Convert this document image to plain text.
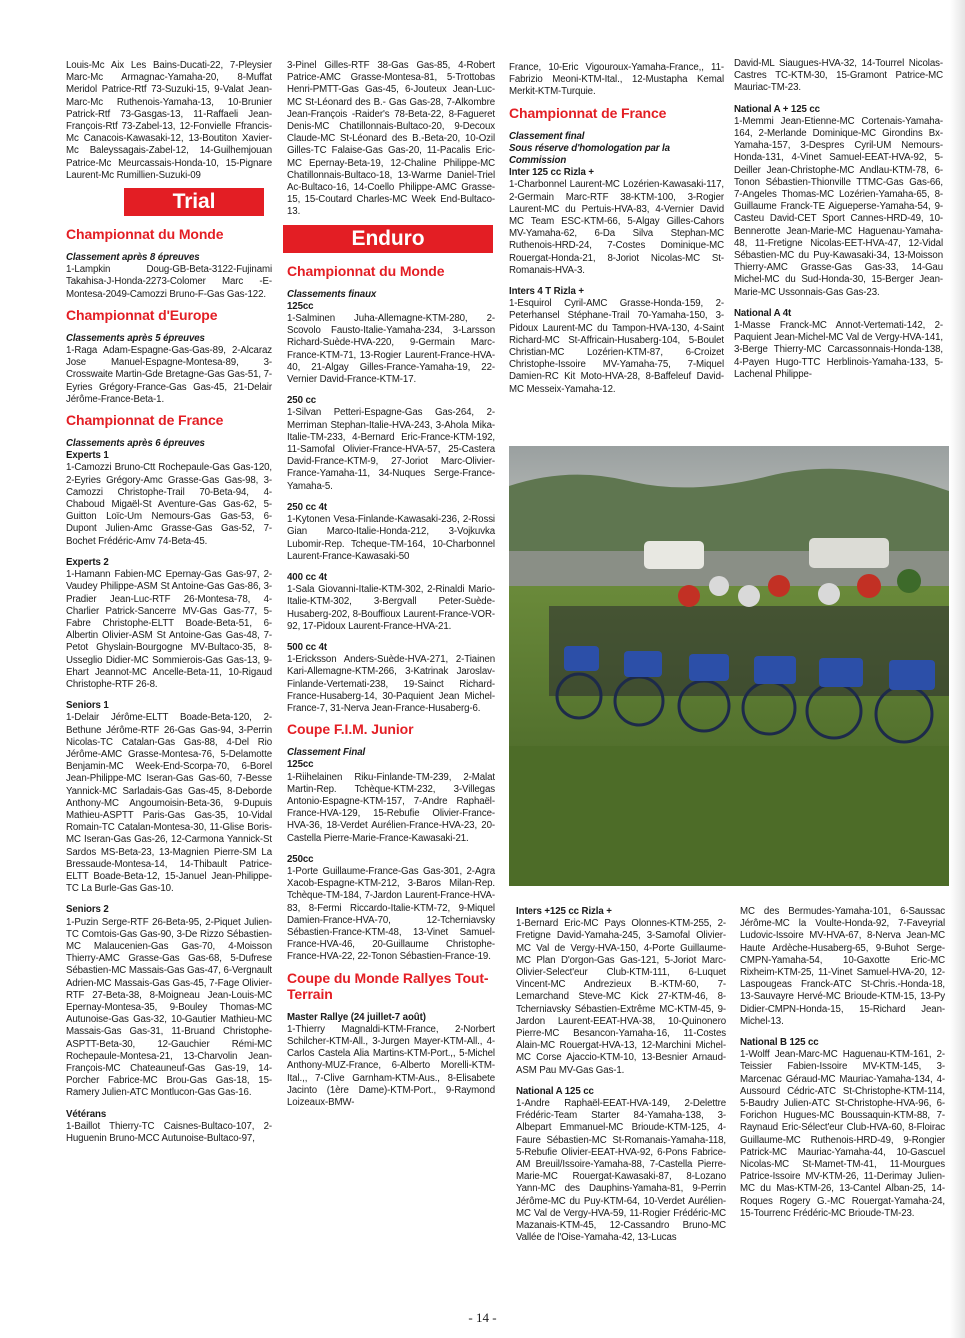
Louis-Mc Aix Les Bains-Ducati-22, 7-Pleysier Marc-Mc Armagnac-Yamaha-20, 8-Muffat Meridol Patrice-Rtf 73-Suzuki-15, 9-Valat Jean-Marc-Mc Ruthenois-Yamaha-13, 10-Brunier Patrick-Rtf 73-Gasgas-13, 11-Raffaeli Jean-François-Rtf 73-Zabel-13, 12-Fonvielle Ffrancis-Mc Canacois-Kawasaki-12, 13-Boutiton Xavier-Mc Baleyssagais-Zabel-12, 14-Guilhemjouan Patrice-Mc Meurcassais-Honda-10, 15-Pignare Laurent-Mc Rumillien-Suzuki-09

Trial
Championnat du Monde
Classement après 8 épreuves

1-Lampkin Doug-GB-Beta-3122-Fujinami Takahisa-J-Honda-2273-Colomer Marc -E-Montesa-2049-Camozzi Bruno-F-Gas Gas-122.

Championnat d'Europe
Classements après 5 épreuves

1-Raga Adam-Espagne-Gas-Gas-89, 2-Alcaraz Jose Manuel-Espagne-Montesa-89, 3-Crosswaite Martin-Gde Bretagne-Gas Gas-51, 7-Eyries Grégory-France-Gas Gas-45, 21-Delair Jérôme-France-Beta-1.

Championnat de France
Classements après 6 épreuves
Experts 1

1-Camozzi Bruno-Ctt Rochepaule-Gas Gas-120, 2-Eyries Grégory-Amc Grasse-Gas Gas-98, 3-Camozzi Christophe-Trail 70-Beta-94, 4-Chaboud Migaël-St Aventure-Gas Gas-62, 5-Guitton Loïc-Um Nemours-Gas Gas-53, 6-Dupont Julien-Amc Grasse-Gas Gas-52, 7-Bochet Frédéric-Amv 74-Beta-45.

Experts 2

1-Hamann Fabien-MC Epernay-Gas Gas-97, 2-Vaudey Philippe-ASM St Antoine-Gas Gas-86, 3-Pradier Jean-Luc-RTF 26-Montesa-78, 4-Charlier Patrick-Sancerre MV-Gas Gas-77, 5-Fabre Christophe-ELTT Boade-Beta-51, 6-Albertin Olivier-ASM St Antoine-Gas Gas-48, 7-Petot Ghyslain-Bourgogne MV-Bultaco-35, 8-Usseglio Didier-MC Sommierois-Gas Gas-13, 9-Ehart Jeannot-MC Ancelle-Beta-11, 10-Rigaud Christophe-RTF 26-8.

Seniors 1

1-Delair Jérôme-ELTT Boade-Beta-120, 2-Bethune Jérôme-RTF 26-Gas Gas-94, 3-Perrin Nicolas-TC Catalan-Gas Gas-88, 4-Del Rio Jérôme-AMC Grasse-Montesa-76, 5-Delamotte Benjamin-MC Week-End-Scorpa-70, 6-Borel Jean-Philippe-MC Iseran-Gas Gas-60, 7-Besse Yannick-MC Sarladais-Gas Gas-45, 8-Deborde Anthony-MC Angoumoisin-Beta-36, 9-Dupuis Mathieu-ASPTT Paris-Gas Gas-35, 10-Vidal Romain-TC Catalan-Montesa-30, 11-Glise Boris-MC Iseran-Gas Gas-26, 12-Carmona Yannick-St Sardos MS-Beta-23, 13-Magnien Pierre-SM La Bressaude-Montesa-14, 14-Thibault Patrice-ELTT Boade-Beta-12, 15-Januel Jean-Philippe-TC La Burle-Gas Gas-10.

Seniors 2

1-Puzin Serge-RTF 26-Beta-95, 2-Piquet Julien-TC Comtois-Gas Gas-90, 3-De Rizzo Sébastien-MC Malaucenien-Gas Gas-70, 4-Moisson Thierry-AMC Grasse-Gas Gas-68, 5-Dufrese Sébastien-MC Massais-Gas Gas-47, 6-Vergnault Adrien-MC Massais-Gas Gas-45, 7-Fage Olivier-RTF 27-Beta-38, 8-Moigneau Jean-Louis-MC Epernay-Montesa-35, 9-Bouley Thomas-MC Autunoise-Gas Gas-32, 10-Gautier Mathieu-MC Massais-Gas Gas-31, 11-Bruand Christophe-ASPTT-Beta-30, 12-Gauchier Rémi-MC Rochepaule-Montesa-21, 13-Charvolin Jean-François-MC Chateauneuf-Gas Gas-19, 14-Porcher Fabrice-MC Brou-Gas Gas-18, 15-Ramery Julien-ATC Montlucon-Gas Gas-16.

Vétérans

1-Baillot Thierry-TC Caisnes-Bultaco-107, 2-Huguenin Bruno-MCC Autunoise-Bultaco-97,

3-Pinel Gilles-RTF 38-Gas Gas-85, 4-Robert Patrice-AMC Grasse-Montesa-81, 5-Trottobas Henri-PMTT-Gas Gas-45, 6-Jouteux Jean-Luc-MC St-Léonard des B.- Gas Gas-28, 7-Alkombre Jean-François -Raider's 78-Beta-22, 8-Fagueret Denis-MC Chatillonnais-Bultaco-20, 9-Decoux Claude-MC St-Léonard des B.-Beta-20, 10-Ozil Gilles-TC Falaise-Gas Gas-20, 11-Pacalis Eric-MC Epernay-Beta-19, 12-Chaline Philippe-MC Chatillonnais-Bultaco-18, 13-Warme Daniel-Triel Ac-Bultaco-16, 14-Coello Philippe-AMC Grasse-15, 15-Coutard Charles-MC Week End-Bultaco-13.

Enduro
Championnat du Monde
Classements finaux
125cc

1-Salminen Juha-Allemagne-KTM-280, 2-Scovolo Fausto-Italie-Yamaha-234, 3-Larsson Richard-Suède-HVA-220, 9-Germain Marc-France-KTM-71, 13-Rogier Laurent-France-HVA-40, 21-Algay Gilles-France-Yamaha-19, 22-Vernier David-France-KTM-17.

250 cc

1-Silvan Petteri-Espagne-Gas Gas-264, 2-Merriman Stephan-Italie-HVA-243, 3-Ahola Mika-Italie-TM-233, 4-Bernard Eric-France-KTM-192, 11-Samofal Olivier-France-HVA-57, 25-Castera David-France-KTM-9, 27-Joriot Marc-Olivier-France-Yamaha-11, 34-Nuques Serge-France-Yamaha-5.

250 cc 4t

1-Kytonen Vesa-Finlande-Kawasaki-236, 2-Rossi Gian Marco-Italie-Honda-212, 3-Vojkuvka Lubomir-Rep. Tcheque-TM-164, 10-Charbonnel Laurent-France-Kawasaki-50

400 cc 4t

1-Sala Giovanni-Italie-KTM-302, 2-Rinaldi Mario-Italie-KTM-302, 3-Bergvall Peter-Suède-Husaberg-202, 8-Bouffioux Laurent-France-VOR-92, 17-Pidoux Laurent-France-HVA-21.

500 cc 4t

1-Ericksson Anders-Suède-HVA-271, 2-Tiainen Kari-Allemagne-KTM-266, 3-Katrinak Jaroslav-Finlande-Vertemati-238, 19-Sainct Richard-France-Husaberg-14, 30-Paquient Jean Michel-France-7, 31-Nerva Jean-France-Husaberg-6.

Coupe F.I.M. Junior
Classement Final
125cc

1-Riihelainen Riku-Finlande-TM-239, 2-Malat Martin-Rep. Tchèque-KTM-232, 3-Villegas Antonio-Espagne-KTM-157, 7-Andre Raphaël-France-HVA-129, 15-Rebufie Olivier-France-HVA-36, 18-Verdet Aurélien-France-HVA-23, 20-Castella Pierre-Marie-France-Kawasaki-21.

250cc

1-Porte Guillaume-France-Gas Gas-301, 2-Agra Xacob-Espagne-KTM-212, 3-Baros Milan-Rep. Tchèque-TM-184, 7-Jardon Laurent-France-HVA-83, 8-Fermi Riccardo-Italie-KTM-72, 9-Miquel Damien-France-HVA-70, 12-Tcherniavsky Sébastien-France-KTM-48, 13-Vinet Samuel-France-HVA-46, 20-Guillaume Christophe-France-HVA-22, 22-Tonon Sébastien-France-19.

Coupe du Monde Rallyes Tout-Terrain
Master Rallye (24 juillet-7 août)

1-Thierry Magnaldi-KTM-France, 2-Norbert Schilcher-KTM-All., 3-Jurgen Mayer-KTM-All., 4-Carlos Castela Alia Martins-KTM-Port.,, 5-Michel Anthony-MUZ-France, 6-Alberto Morelli-KTM-Ital.,, 7-Clive Garnham-KTM-Aus., 8-Elisabete Jacinto (1ère Dame)-KTM-Port., 9-Raymond Loizeaux-BMW-

France, 10-Eric Vigouroux-Yamaha-France,, 11-Fabrizio Meoni-KTM-Ital., 12-Mustapha Kemal Merkit-KTM-Turquie.

Championnat de France
Classement final
Sous réserve d'homologation par la Commission
Inter 125 cc Rizla +

1-Charbonnel Laurent-MC Lozérien-Kawasaki-117, 2-Germain Marc-RTF 38-KTM-100, 3-Rogier Laurent-MC du Pertuis-HVA-83, 4-Vernier David MC Team ESC-KTM-66, 5-Algay Gilles-Cahors MV-Yamaha-62, 6-Da Silva Stephan-MC Ruthenois-HRD-24, 7-Costes Dominique-MC Rouergat-Honda-21, 8-Joriot Nicolas-MC St-Romanais-HVA-3.

Inters 4 T Rizla +

1-Esquirol Cyril-AMC Grasse-Honda-159, 2-Peterhansel Stéphane-Trail 70-Yamaha-150, 3-Pidoux Laurent-MC du Tampon-HVA-130, 4-Saint Richard-MC St-Affricain-Husaberg-104, 5-Boulet Christian-MC Lozérien-KTM-87, 6-Croizet Christophe-Issoire MV-Yamaha-75, 7-Miquel Damien-RC Kit Moto-HVA-28, 8-Baffeleuf David-MC Messeix-Yamaha-12.

David-ML Siaugues-HVA-32, 14-Tourrel Nicolas-Castres TC-KTM-30, 15-Gramont Patrice-MC Mauriac-TM-23.

National A + 125 cc

1-Memmi Jean-Etienne-MC Cortenais-Yamaha-164, 2-Merlande Dominique-MC Girondins Bx-Yamaha-157, 3-Despres Cyril-UM Nemours-Honda-131, 4-Vinet Samuel-EEAT-HVA-92, 5-Deiller Jean-Christophe-MC Andlau-KTM-78, 6-Tonon Sébastien-Thionville TTMC-Gas Gas-66, 7-Angeles Thomas-MC Lozérien-Yamaha-65, 8-Guillaume Franck-TE Aigueperse-Yamaha-54, 9-Casteu David-CET Sport Cannes-HRD-49, 10-Bennerotte Jean-Marie-MC Haguenau-Yamaha-48, 11-Fretigne Nicolas-EET-HVA-47, 12-Vidal Sébastien-MC du Puy-Kawasaki-34, 13-Moisson Thierry-AMC Grasse-Gas Gas-33, 14-Gau Michel-MC du Sud-Honda-30, 15-Berger Jean-Marie-MC Ussonnais-Gas Gas-23.

National A 4t

1-Masse Franck-MC Annot-Vertemati-142, 2-Paquient Jean-Michel-MC Val de Vergy-HVA-141, 3-Berge Thierry-MC Carcassonnais-Honda-138, 4-Payen Hugo-TTC Herblinois-Yamaha-133, 5-Lachenal Philippe-

Inters +125 cc Rizla +

1-Bernard Eric-MC Pays Olonnes-KTM-255, 2-Fretigne David-Yamaha-245, 3-Samofal Olivier-MC Val de Vergy-HVA-150, 4-Porte Guillaume-MC Plan D'orgon-Gas Gas-121, 5-Joriot Marc-Olivier-Select'eur Club-KTM-111, 6-Luquet Vincent-MC Andrezieux B.-KTM-60, 7-Lemarchand Steve-MC Kick 27-KTM-46, 8-Tcherniavsky Sébastien-Extrême MC-KTM-45, 9-Jardon Laurent-EEAT-HVA-38, 10-Quinonero Pierre-MC Besancon-Yamaha-16, 11-Costes Alain-MC Rouergat-HVA-13, 12-Marchini Michel-MC Corse Ajaccio-KTM-10, 13-Besnier Arnaud-ASM Pau MV-Gas Gas-1.

National A 125 cc

1-Andre Raphaël-EEAT-HVA-149, 2-Delettre Frédéric-Team Starter 84-Yamaha-138, 3-Albepart Emmanuel-MC Brioude-KTM-125, 4-Faure Sébastien-MC St-Romanais-Yamaha-118, 5-Rebufie Olivier-EEAT-HVA-92, 6-Pons Fabrice-AM Breuil/Issoire-Yamaha-88, 7-Castella Pierre-Marie-MC Rouergat-Kawasaki-87, 8-Lozano Yann-MC des Dauphins-Yamaha-81, 9-Perrin Jérôme-MC du Puy-KTM-64, 10-Verdet Aurélien-MC Val de Vergy-HVA-59, 11-Rogier Frédéric-MC Mazanais-KTM-45, 12-Cassandro Bruno-MC Vallée de l'Oise-Yamaha-42, 13-Lucas

MC des Bermudes-Yamaha-101, 6-Saussac Jérôme-MC la Voulte-Honda-92, 7-Faveyrial Ludovic-Issoire MV-HVA-67, 8-Nerva Jean-MC Haute Ardèche-Husaberg-65, 9-Buhot Serge-CMPN-Yamaha-54, 10-Gaxotte Eric-MC Rixheim-KTM-25, 11-Vinet Samuel-HVA-20, 12-Laspougeas Franck-ATC St-Chris.-Honda-18, 13-Sauvayre Hervé-MC Brioude-KTM-15, 13-Py Didier-CMPN-Honda-15, 15-Richard Jean-Michel-13.

National B 125 cc

1-Wolff Jean-Marc-MC Haguenau-KTM-161, 2-Teissier Fabien-Issoire MV-KTM-145, 3-Marcenac Géraud-MC Mauriac-Yamaha-134, 4-Aussourd Cédric-ATC St-Christophe-KTM-114, 5-Baudry Julien-ATC St-Christophe-HVA-96, 6-Forichon Hugues-MC Boussaquin-KTM-88, 7-Raynaud Eric-Sélect'eur Club-HVA-60, 8-Floirac Guillaume-MC Ruthenois-HRD-49, 9-Rongier Patrick-MC Mauriac-Yamaha-44, 10-Gascuel Nicolas-MC St-Mamet-TM-41, 11-Mourgues Patrice-Issoire MV-KTM-26, 11-Derimay Julien-MC du Mas-KTM-26, 13-Cantel Alban-25, 14-Roques Rogery G.-MC Rouergat-Yamaha-24, 15-Tourrenc Frédéric-MC Brioude-TM-23.

- 14 -
